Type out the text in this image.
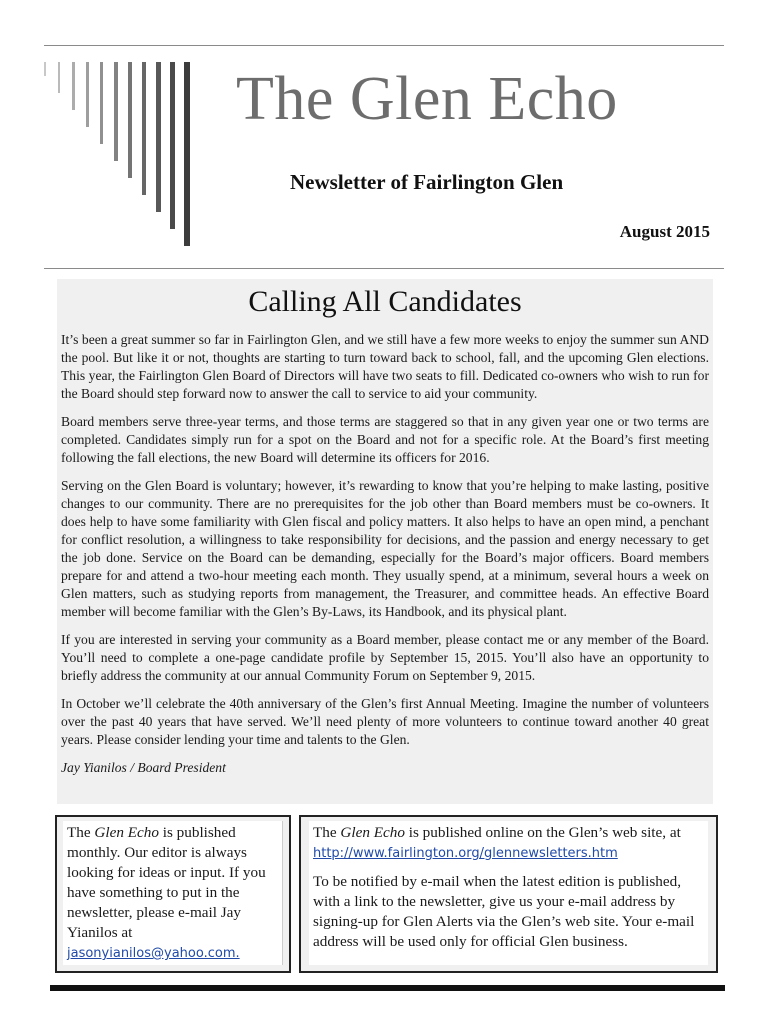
The Glen Echo
Newsletter of Fairlington Glen
August 2015
Calling All Candidates

It’s been a great summer so far in Fairlington Glen, and we still have a few more weeks to enjoy the summer sun AND the pool. But like it or not, thoughts are starting to turn toward back to school, fall, and the upcoming Glen elections. This year, the Fairlington Glen Board of Directors will have two seats to fill. Dedicated co-owners who wish to run for the Board should step forward now to answer the call to service to aid your community.

Board members serve three-year terms, and those terms are staggered so that in any given year one or two terms are completed. Candidates simply run for a spot on the Board and not for a specific role. At the Board’s first meeting following the fall elections, the new Board will determine its officers for 2016.

Serving on the Glen Board is voluntary; however, it’s rewarding to know that you’re helping to make lasting, positive changes to our community. There are no prerequisites for the job other than Board members must be co-owners. It does help to have some familiarity with Glen fiscal and policy matters. It also helps to have an open mind, a penchant for conflict resolution, a willingness to take responsibility for decisions, and the passion and energy necessary to get the job done. Service on the Board can be demanding, especially for the Board’s major officers. Board members prepare for and attend a two-hour meeting each month. They usually spend, at a minimum, several hours a week on Glen matters, such as studying reports from management, the Treasurer, and committee heads. An effective Board member will become familiar with the Glen’s By-Laws, its Handbook, and its physical plant.

If you are interested in serving your community as a Board member, please contact me or any member of the Board. You’ll need to complete a one-page candidate profile by September 15, 2015. You’ll also have an opportunity to briefly address the community at our annual Community Forum on September 9, 2015.

In October we’ll celebrate the 40th anniversary of the Glen’s first Annual Meeting. Imagine the number of volunteers over the past 40 years that have served. We’ll need plenty of more volunteers to continue toward another 40 great years. Please consider lending your time and talents to the Glen.

Jay Yianilos / Board President

The Glen Echo is published monthly. Our editor is always looking for ideas or input. If you have something to put in the newsletter, please e-mail Jay Yianilos at
jasonyianilos@yahoo.com.

The Glen Echo is published online on the Glen’s web site, at
http://www.fairlington.org/glennewsletters.htm

To be notified by e-mail when the latest edition is published, with a link to the newsletter, give us your e-mail address by signing-up for Glen Alerts via the Glen’s web site. Your e-mail address will be used only for official Glen business.
